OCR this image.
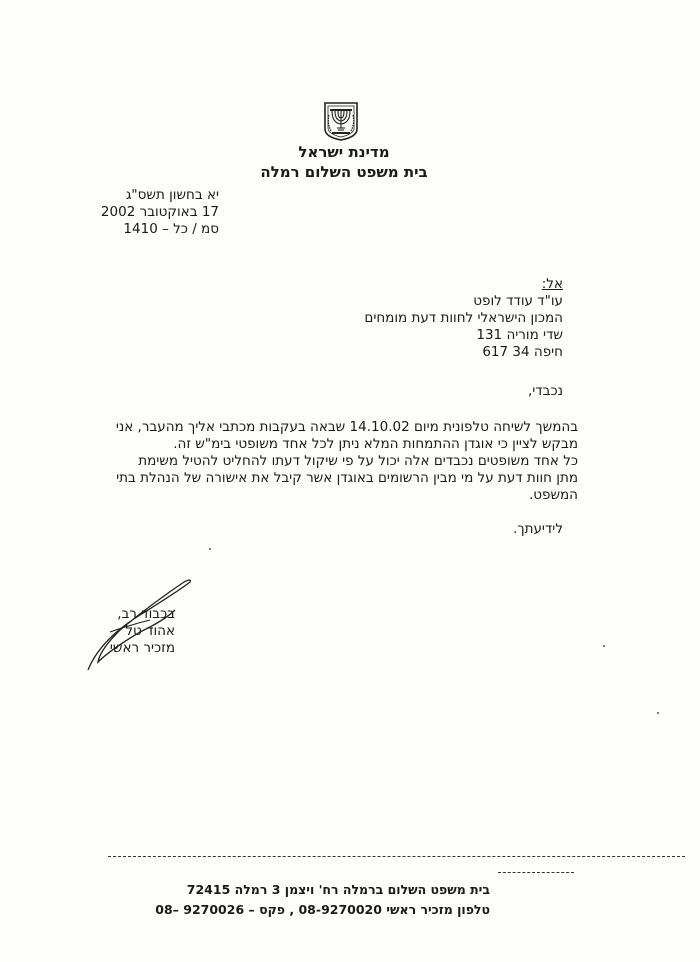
מדינת ישראל
בית משפט השלום רמלה
יא בחשון תשס"ג
17 באוקטובר 2002
סמ / כל – 1410
אל:
עו"ד עודד לופט
המכון הישראלי לחוות דעת מומחים
שדי מוריה 131
חיפה 34 617
נכבדי,

בהמשך לשיחה טלפונית מיום 14.10.02 שבאה בעקבות מכתבי אליך מהעבר, אני

מבקש לציין כי אוגדן ההתמחות המלא ניתן לכל אחד משופטי בימ"ש זה.

כל אחד משופטים נכבדים אלה יכול על פי שיקול דעתו להחליט להטיל משימת

מתן חוות דעת על מי מבין הרשומים באוגדן אשר קיבל את אישורה של הנהלת בתי

המשפט.

לידיעתך.
בכבוד רב,
אהוד טל
מזכיר ראשי
בית משפט השלום ברמלה רח' ויצמן 3 רמלה 72415
טלפון מזכיר ראשי 08-9270020 , פקס – 9270026 –08
